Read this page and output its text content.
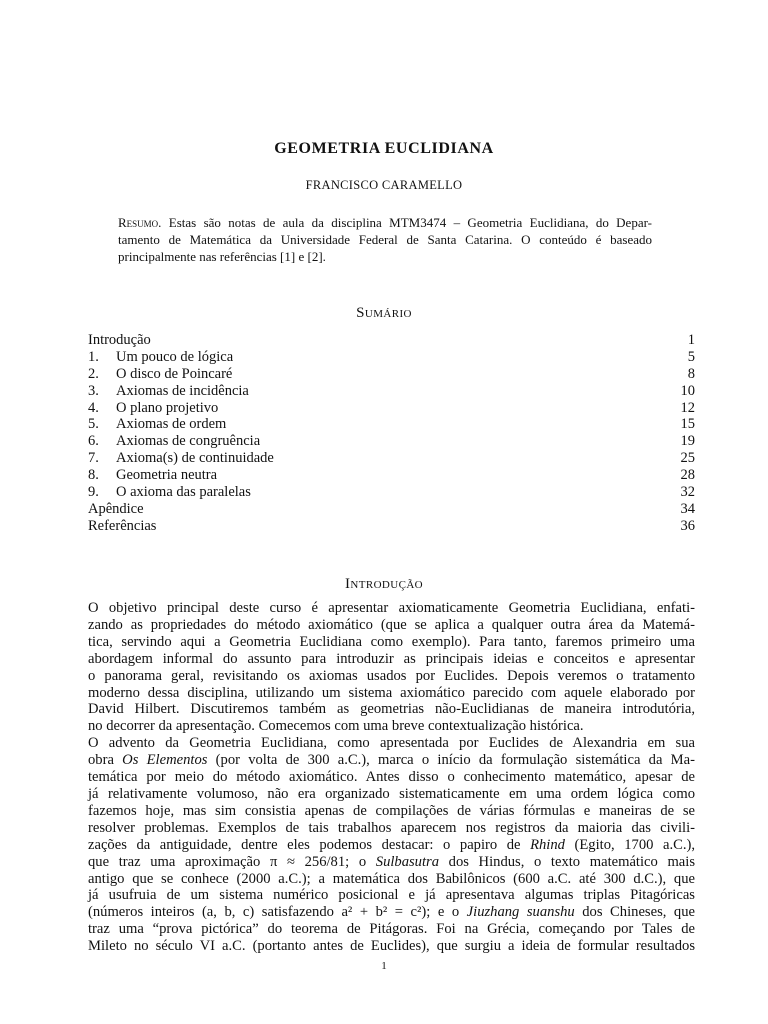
GEOMETRIA EUCLIDIANA
FRANCISCO CARAMELLO
Resumo. Estas são notas de aula da disciplina MTM3474 – Geometria Euclidiana, do Depar-
tamento de Matemática da Universidade Federal de Santa Catarina. O conteúdo é baseado
principalmente nas referências [1] e [2].
Sumário
Introdução	1
1.	Um pouco de lógica	5
2.	O disco de Poincaré	8
3.	Axiomas de incidência	10
4.	O plano projetivo	12
5.	Axiomas de ordem	15
6.	Axiomas de congruência	19
7.	Axioma(s) de continuidade	25
8.	Geometria neutra	28
9.	O axioma das paralelas	32
Apêndice	34
Referências	36
Introdução

O objetivo principal deste curso é apresentar axiomaticamente Geometria Euclidiana, enfati-
zando as propriedades do método axiomático (que se aplica a qualquer outra área da Matemá-
tica, servindo aqui a Geometria Euclidiana como exemplo). Para tanto, faremos primeiro uma
abordagem informal do assunto para introduzir as principais ideias e conceitos e apresentar
o panorama geral, revisitando os axiomas usados por Euclides. Depois veremos o tratamento
moderno dessa disciplina, utilizando um sistema axiomático parecido com aquele elaborado por
David Hilbert. Discutiremos também as geometrias não-Euclidianas de maneira introdutória,
no decorrer da apresentação. Comecemos com uma breve contextualização histórica.

O advento da Geometria Euclidiana, como apresentada por Euclides de Alexandria em sua
obra Os Elementos (por volta de 300 a.C.), marca o início da formulação sistemática da Ma-
temática por meio do método axiomático. Antes disso o conhecimento matemático, apesar de
já relativamente volumoso, não era organizado sistematicamente em uma ordem lógica como
fazemos hoje, mas sim consistia apenas de compilações de várias fórmulas e maneiras de se
resolver problemas. Exemplos de tais trabalhos aparecem nos registros da maioria das civili-
zações da antiguidade, dentre eles podemos destacar: o papiro de Rhind (Egito, 1700 a.C.),
que traz uma aproximação π ≈ 256/81; o Sulbasutra dos Hindus, o texto matemático mais
antigo que se conhece (2000 a.C.); a matemática dos Babilônicos (600 a.C. até 300 d.C.), que
já usufruia de um sistema numérico posicional e já apresentava algumas triplas Pitagóricas
(números inteiros (a, b, c) satisfazendo a² + b² = c²); e o Jiuzhang suanshu dos Chineses, que
traz uma “prova pictórica” do teorema de Pitágoras. Foi na Grécia, começando por Tales de
Mileto no século VI a.C. (portanto antes de Euclides), que surgiu a ideia de formular resultados

1
